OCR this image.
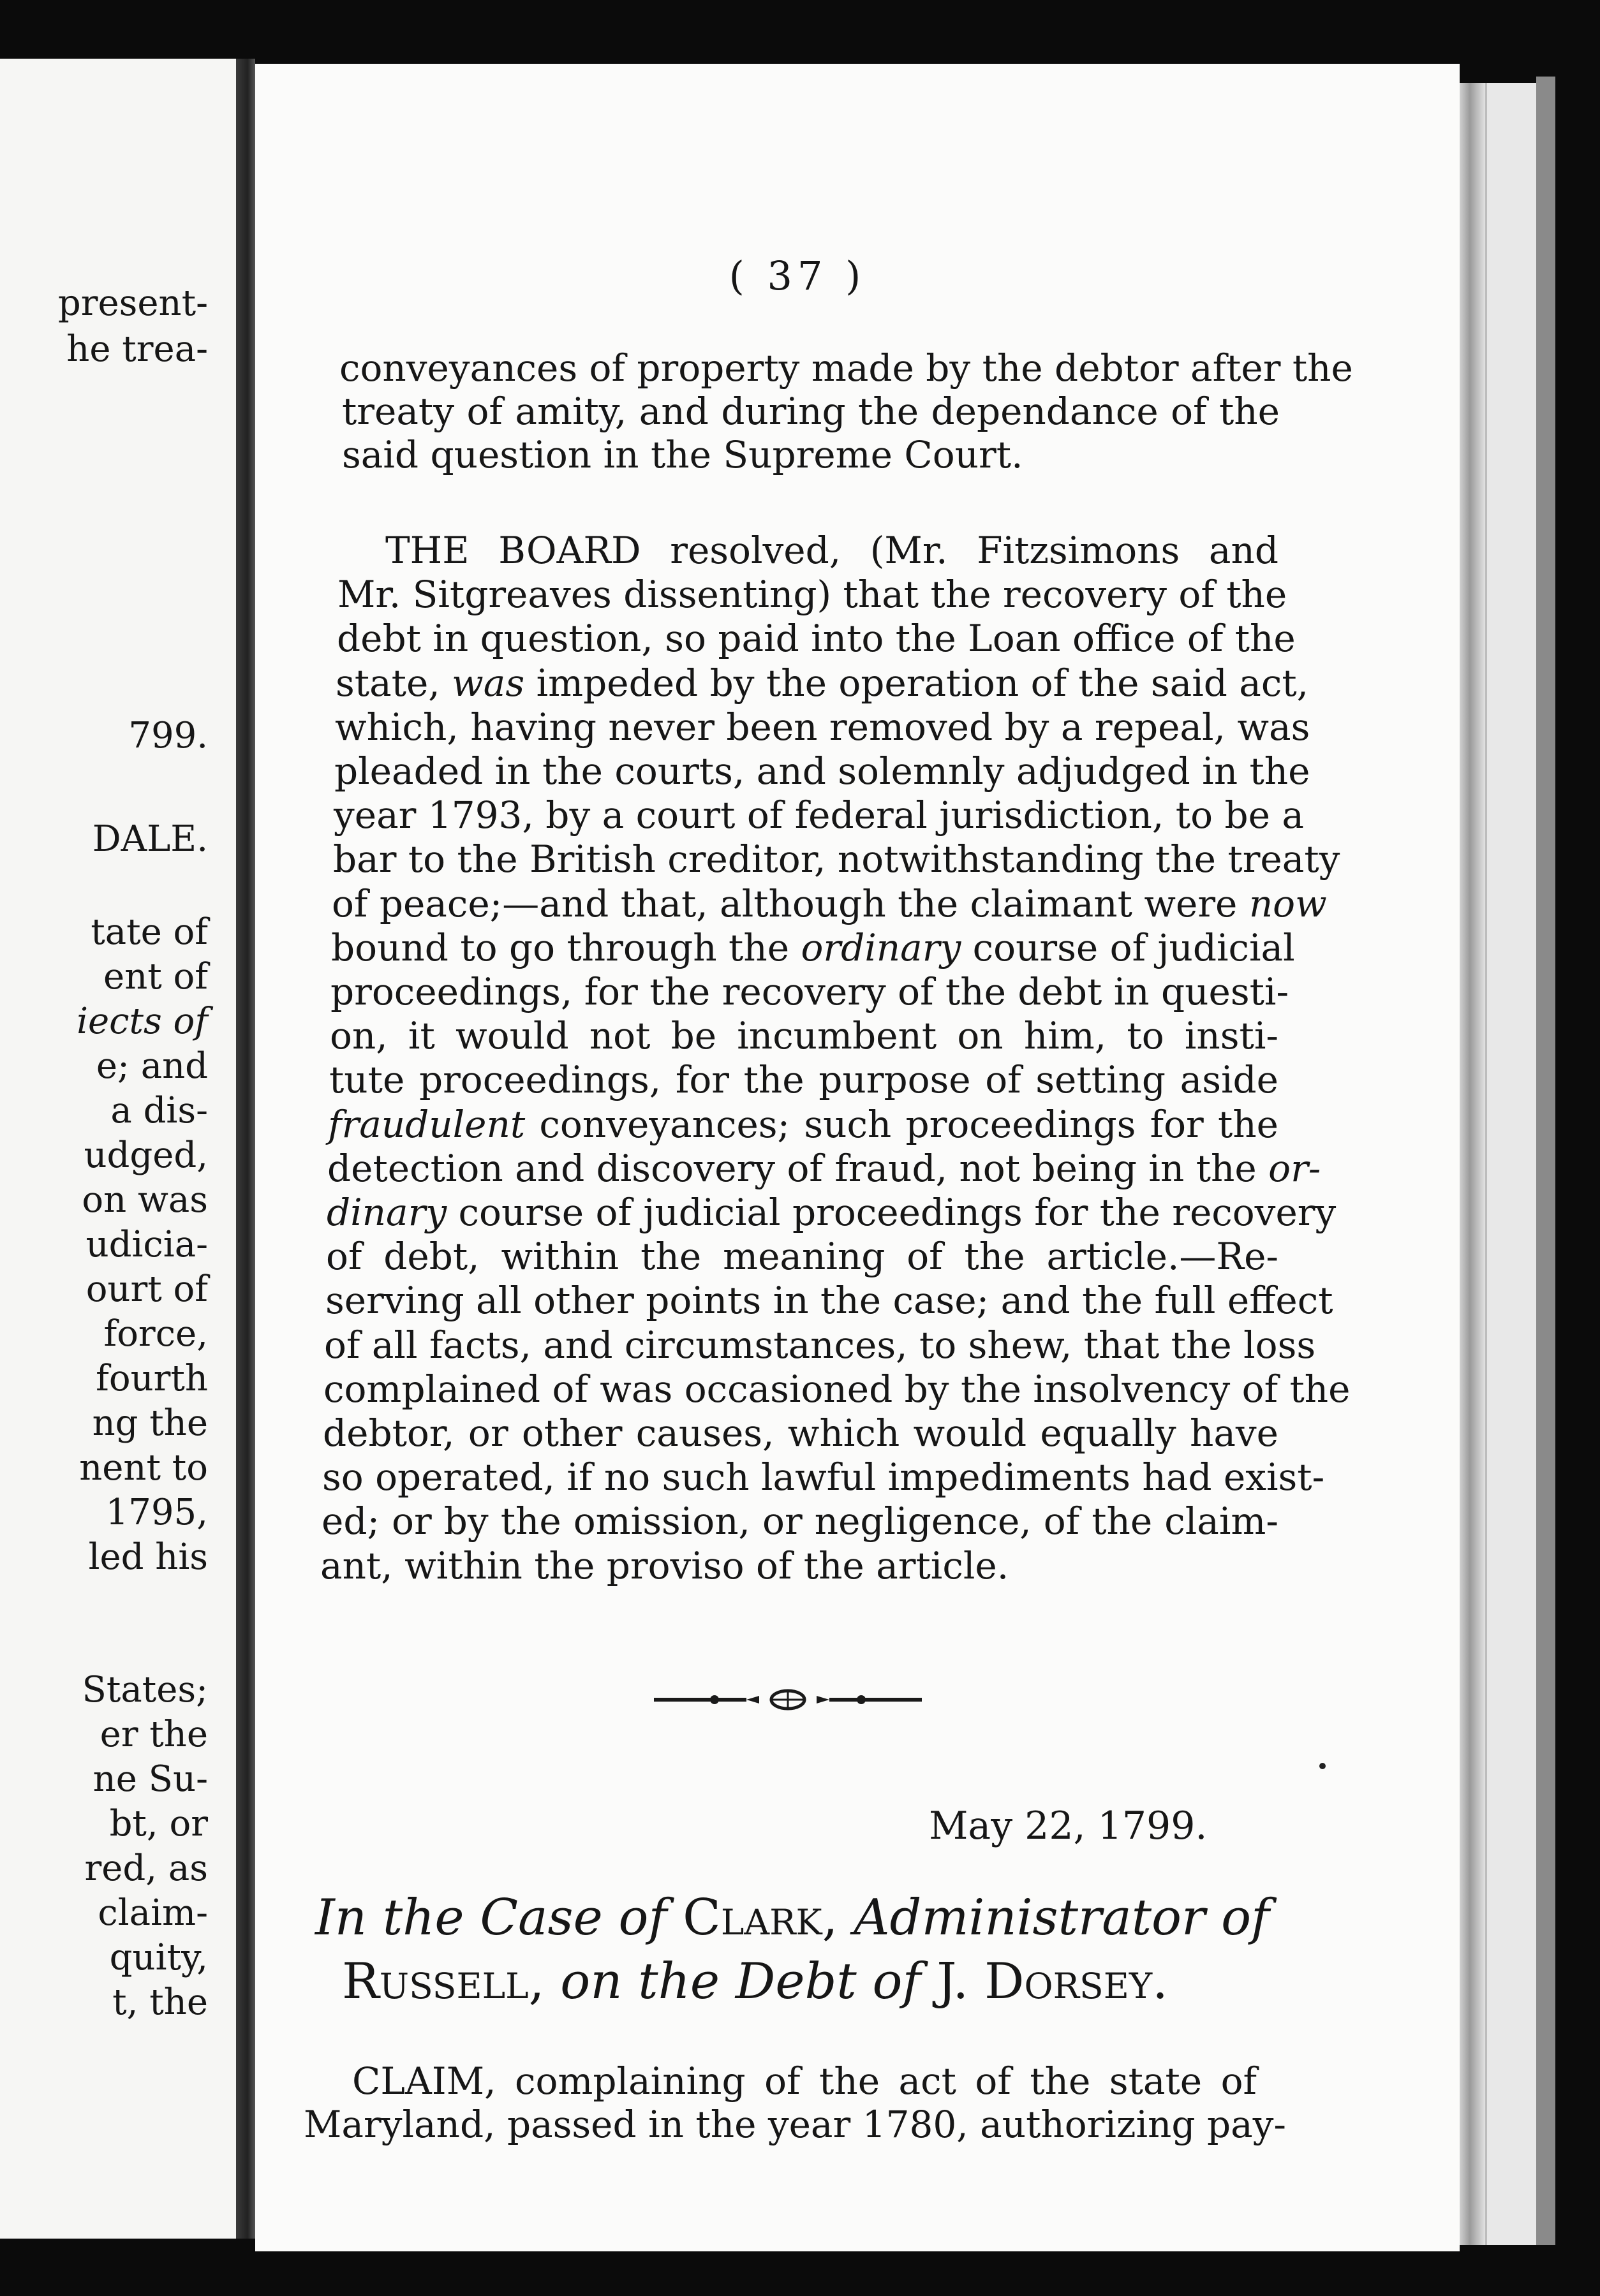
present-
he trea-
799.
DALE.
tate of
ent of
iects of
e; and
a dis-
udged,
on was
udicia-
ourt of
force,
fourth
ng the
nent to
1795,
led his
States;
er the
ne Su-
bt, or
red, as
claim-
quity,
t, the
( 37 )
conveyances of property made by the debtor after the
treaty of amity, and during the dependance of the
said question in the Supreme Court.
THE BOARD resolved, (Mr. Fitzsimons and
Mr. Sitgreaves dissenting) that the recovery of the
debt in question, so paid into the Loan office of the
state, was impeded by the operation of the said act,
which, having never been removed by a repeal, was
pleaded in the courts, and solemnly adjudged in the
year 1793, by a court of federal jurisdiction, to be a
bar to the British creditor, notwithstanding the treaty
of peace;—and that, although the claimant were now
bound to go through the ordinary course of judicial
proceedings, for the recovery of the debt in questi-
on, it would not be incumbent on him, to insti-
tute proceedings, for the purpose of setting aside
fraudulent conveyances; such proceedings for the
detection and discovery of fraud, not being in the or-
dinary course of judicial proceedings for the recovery
of debt, within the meaning of the article.—Re-
serving all other points in the case; and the full effect
of all facts, and circumstances, to shew, that the loss
complained of was occasioned by the insolvency of the
debtor, or other causes, which would equally have
so operated, if no such lawful impediments had exist-
ed; or by the omission, or negligence, of the claim-
ant, within the proviso of the article.
CLAIM, complaining of the act of the state of
Maryland, passed in the year 1780, authorizing pay-
May 22, 1799.
In the Case of Clark, Administrator of
Russell, on the Debt of J. Dorsey.
